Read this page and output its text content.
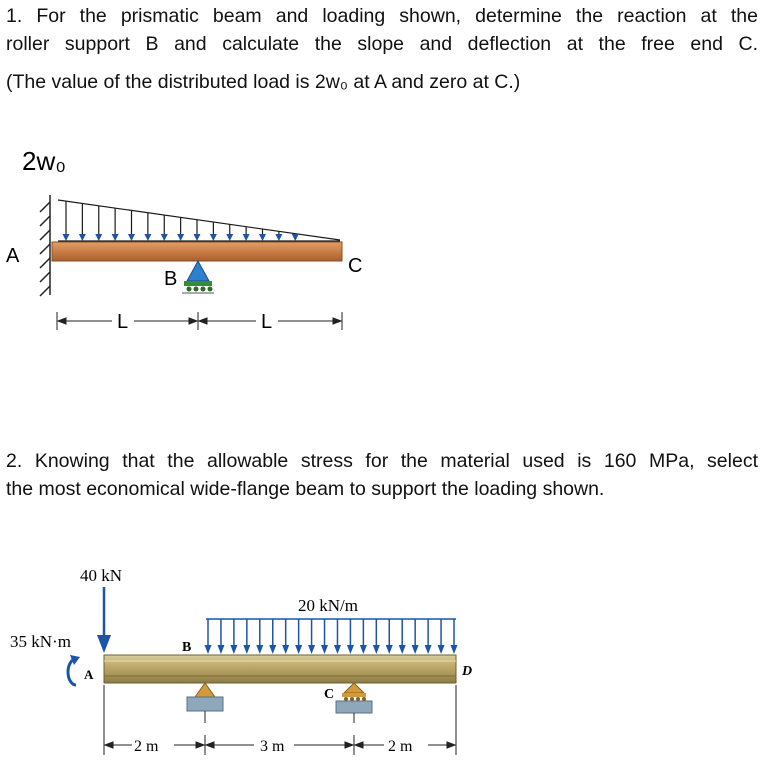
1. For the prismatic beam and loading shown, determine the reaction at the
roller support B and calculate the slope and deflection at the free end C.
(The value of the distributed load is 2w₀ at A and zero at C.)
2w₀
A	C
B
L	L
2. Knowing that the allowable stress for the material used is 160 MPa, select
the most economical wide-flange beam to support the loading shown.
40 kN
35 kN·m
A
20 kN/m
B
D
C
2 m	3 m	2 m
